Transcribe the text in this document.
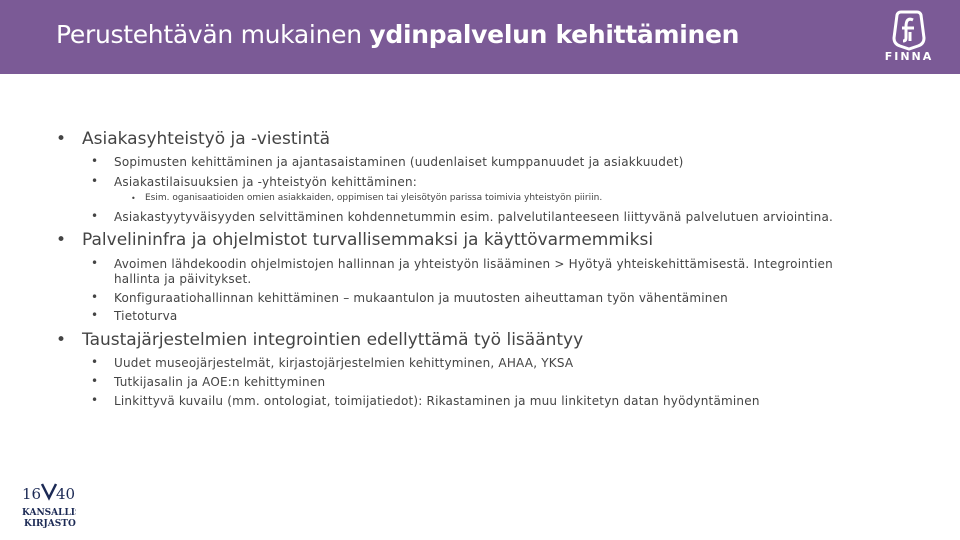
Perustehtävän mukainen ydinpalvelun kehittäminen
FINNA
• Asiakasyhteistyö ja -viestintä
• Sopimusten kehittäminen ja ajantasaistaminen (uudenlaiset kumppanuudet ja asiakkuudet)
• Asiakastilaisuuksien ja -yhteistyön kehittäminen:
• Esim. oganisaatioiden omien asiakkaiden, oppimisen tai yleisötyön parissa toimivia yhteistyön piiriin.
• Asiakastyytyväisyyden selvittäminen kohdennetummin esim. palvelutilanteeseen liittyvänä palvelutuen arviointina.
• Palvelininfra ja ohjelmistot turvallisemmaksi ja käyttövarmemmiksi
• Avoimen lähdekoodin ohjelmistojen hallinnan ja yhteistyön lisääminen > Hyötyä yhteiskehittämisestä. Integrointien
hallinta ja päivitykset.
• Konfiguraatiohallinnan kehittäminen – mukaantulon ja muutosten aiheuttaman työn vähentäminen
• Tietoturva
• Taustajärjestelmien integrointien edellyttämä työ lisääntyy
• Uudet museojärjestelmät, kirjastojärjestelmien kehittyminen, AHAA, YKSA
• Tutkijasalin ja AOE:n kehittyminen
• Linkittyvä kuvailu (mm. ontologiat, toimijatiedot): Rikastaminen ja muu linkitetyn datan hyödyntäminen
16 40
KANSALLIS
KIRJASTO
